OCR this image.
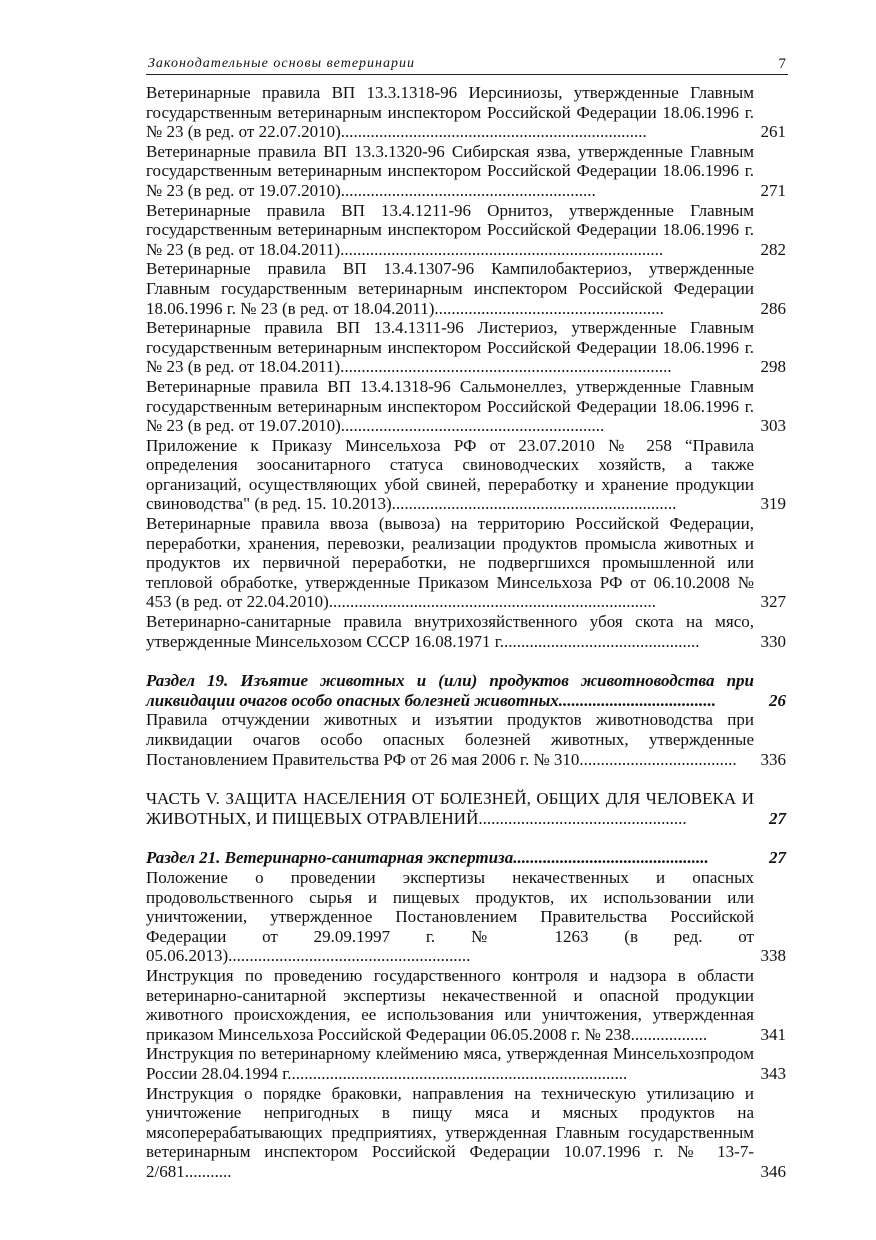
Законодательные основы ветеринарии	7
Ветеринарные правила ВП 13.3.1318-96 Иерсиниозы, утвержденные Главным государственным ветеринарным инспектором Российской Федерации 18.06.1996 г. № 23 (в ред. от 22.07.2010)........................................................................	261
Ветеринарные правила ВП 13.3.1320-96 Сибирская язва, утвержденные Главным государственным ветеринарным инспектором Российской Федерации 18.06.1996 г. № 23 (в ред. от 19.07.2010)............................................................	271
Ветеринарные правила ВП 13.4.1211-96 Орнитоз, утвержденные Главным государственным ветеринарным инспектором Российской Федерации 18.06.1996 г. № 23 (в ред. от 18.04.2011)............................................................................	282
Ветеринарные правила ВП 13.4.1307-96 Кампилобактериоз, утвержденные Главным государственным ветеринарным инспектором Российской Федерации 18.06.1996 г. № 23 (в ред. от 18.04.2011)......................................................	286
Ветеринарные правила ВП 13.4.1311-96 Листериоз, утвержденные Главным государственным ветеринарным инспектором Российской Федерации 18.06.1996 г. № 23 (в ред. от 18.04.2011)..............................................................................	298
Ветеринарные правила ВП 13.4.1318-96 Сальмонеллез, утвержденные Главным государственным ветеринарным инспектором Российской Федерации 18.06.1996 г. № 23 (в ред. от 19.07.2010)..............................................................	303
Приложение к Приказу Минсельхоза РФ от 23.07.2010 № 258 “Правила определения зоосанитарного статуса свиноводческих хозяйств, а также организаций, осуществляющих убой свиней, переработку и хранение продукции свиноводства" (в ред. 15. 10.2013)...................................................................	319
Ветеринарные правила ввоза (вывоза) на территорию Российской Федерации, переработки, хранения, перевозки, реализации продуктов промысла животных и продуктов их первичной переработки, не подвергшихся промышленной или тепловой обработке, утвержденные Приказом Минсельхоза РФ от 06.10.2008 № 453 (в ред. от 22.04.2010).............................................................................	327
Ветеринарно-санитарные правила внутрихозяйственного убоя скота на мясо, утвержденные Минсельхозом СССР 16.08.1971 г...............................................	330
Раздел 19. Изъятие животных и (или) продуктов животноводства при ликвидации очагов особо опасных болезней животных.....................................	26
Правила отчуждении животных и изъятии продуктов животноводства при ликвидации очагов особо опасных болезней животных, утвержденные Постановлением Правительства РФ от 26 мая 2006 г. № 310..................................... 336
ЧАСТЬ V. ЗАЩИТА НАСЕЛЕНИЯ ОТ БОЛЕЗНЕЙ, ОБЩИХ ДЛЯ ЧЕЛОВЕКА И ЖИВОТНЫХ, И ПИЩЕВЫХ ОТРАВЛЕНИЙ.................................................	27
Раздел 21. Ветеринарно-санитарная экспертиза..............................................	27
Положение о проведении экспертизы некачественных и опасных продовольственного сырья и пищевых продуктов, их использовании или уничтожении, утвержденное Постановлением Правительства Российской Федерации от 29.09.1997 г. № 1263 (в ред. от 05.06.2013).........................................................	338
Инструкция по проведению государственного контроля и надзора в области ветеринарно-санитарной экспертизы некачественной и опасной продукции животного происхождения, ее использования или уничтожения, утвержденная приказом Минсельхоза Российской Федерации 06.05.2008 г. № 238..................	341
Инструкция по ветеринарному клеймению мяса, утвержденная Минсельхозпродом России 28.04.1994 г................................................................................	343
Инструкция о порядке браковки, направления на техническую утилизацию и уничтожение непригодных в пищу мяса и мясных продуктов на мясоперерабатывающих предприятиях, утвержденная Главным государственным ветеринарным инспектором Российской Федерации 10.07.1996 г. № 13-7-2/681...........	346
